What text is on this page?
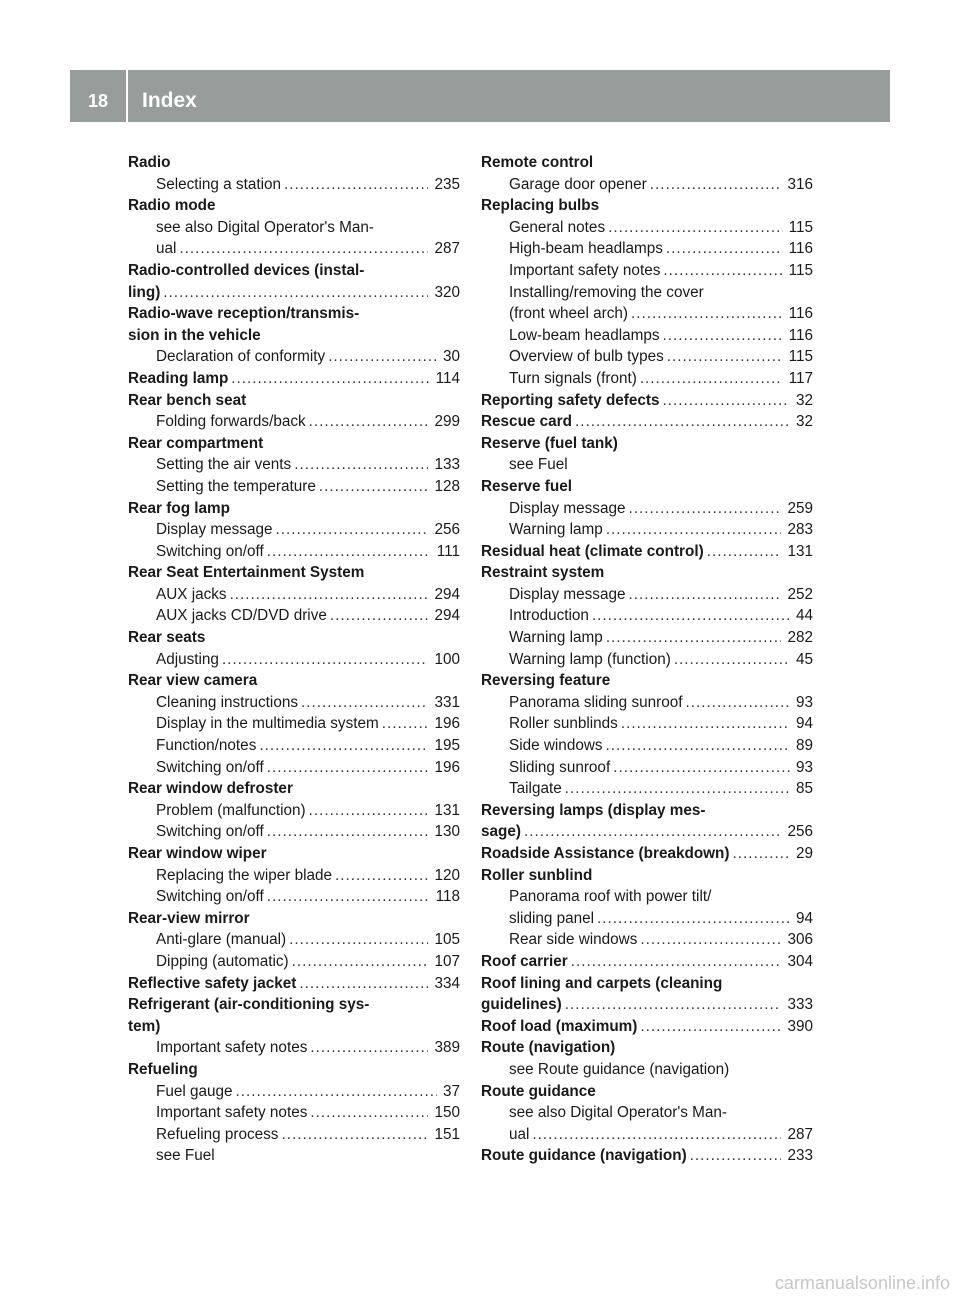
18	Index
Radio
Selecting a station .....	235
Radio mode
see also Digital Operator's Man-
ual .....	287
Radio-controlled devices (instal-
ling) .....	320
Radio-wave reception/transmis-
sion in the vehicle
Declaration of conformity .....	30
Reading lamp .....	114
Rear bench seat
Folding forwards/back .....	299
Rear compartment
Setting the air vents .....	133
Setting the temperature .....	128
Rear fog lamp
Display message .....	256
Switching on/off .....	111
Rear Seat Entertainment System
AUX jacks .....	294
AUX jacks CD/DVD drive .....	294
Rear seats
Adjusting .....	100
Rear view camera
Cleaning instructions .....	331
Display in the multimedia system .....	196
Function/notes .....	195
Switching on/off .....	196
Rear window defroster
Problem (malfunction) .....	131
Switching on/off .....	130
Rear window wiper
Replacing the wiper blade .....	120
Switching on/off .....	118
Rear-view mirror
Anti-glare (manual) .....	105
Dipping (automatic) .....	107
Reflective safety jacket .....	334
Refrigerant (air-conditioning sys-
tem)
Important safety notes .....	389
Refueling
Fuel gauge .....	37
Important safety notes .....	150
Refueling process .....	151
see Fuel
Remote control
Garage door opener .....	316
Replacing bulbs
General notes .....	115
High-beam headlamps .....	116
Important safety notes .....	115
Installing/removing the cover
(front wheel arch) .....	116
Low-beam headlamps .....	116
Overview of bulb types .....	115
Turn signals (front) .....	117
Reporting safety defects .....	32
Rescue card .....	32
Reserve (fuel tank)
see Fuel
Reserve fuel
Display message .....	259
Warning lamp .....	283
Residual heat (climate control) .....	131
Restraint system
Display message .....	252
Introduction .....	44
Warning lamp .....	282
Warning lamp (function) .....	45
Reversing feature
Panorama sliding sunroof .....	93
Roller sunblinds .....	94
Side windows .....	89
Sliding sunroof .....	93
Tailgate .....	85
Reversing lamps (display mes-
sage) .....	256
Roadside Assistance (breakdown) .....	29
Roller sunblind
Panorama roof with power tilt/
sliding panel .....	94
Rear side windows .....	306
Roof carrier .....	304
Roof lining and carpets (cleaning
guidelines) .....	333
Roof load (maximum) .....	390
Route (navigation)
see Route guidance (navigation)
Route guidance
see also Digital Operator's Man-
ual .....	287
Route guidance (navigation) .....	233
carmanualsonline.info
